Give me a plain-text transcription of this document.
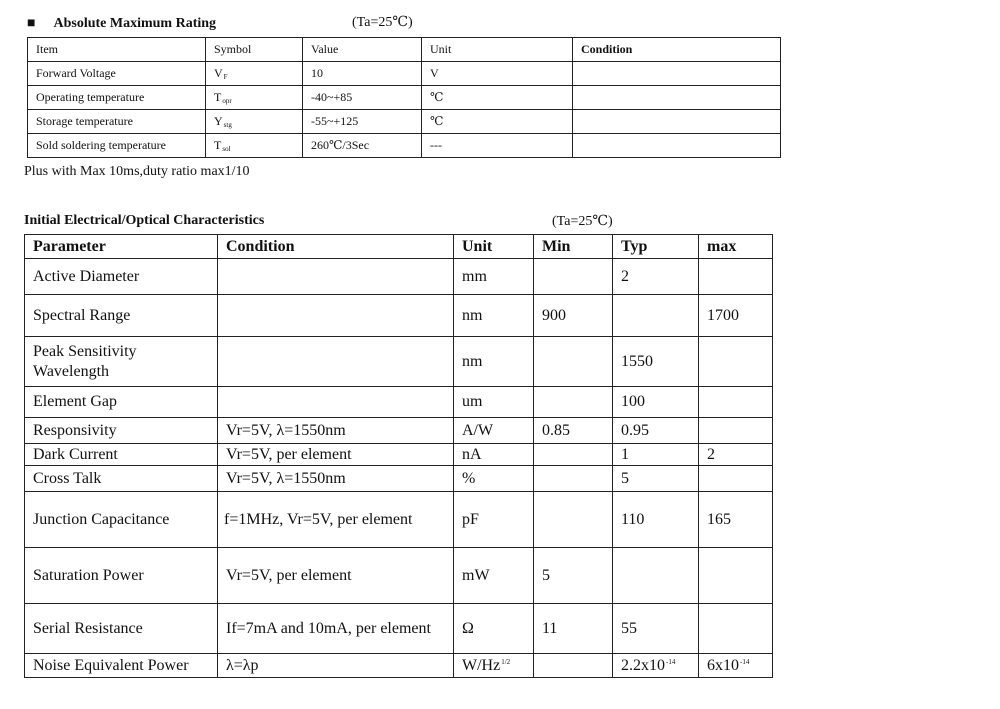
■ Absolute Maximum Rating	(Ta=25℃)
Item	Symbol	Value	Unit	Condition
Forward Voltage	$V_F$	10	V	
Operating temperature	$T_{opr}$	-40~+85	℃	
Storage temperature	$Y_{stg}$	-55~+125	℃	
Sold soldering temperature	$T_{sol}$	260℃/3Sec	---	
Plus with Max 10ms,duty ratio max1/10
Initial Electrical/Optical Characteristics	(Ta=25℃)
Parameter	Condition	Unit	Min	Typ	max
Active Diameter		mm		2	
Spectral Range		nm	900		1700
Peak Sensitivity Wavelength		nm		1550	
Element Gap		um		100	
Responsivity	Vr=5V, λ=1550nm	A/W	0.85	0.95	
Dark Current	Vr=5V, per element	nA		1	2
Cross Talk	Vr=5V, λ=1550nm	%		5	
Junction Capacitance	f=1MHz, Vr=5V, per element	pF		110	165
Saturation Power	Vr=5V, per element	mW	5		
Serial Resistance	If=7mA and 10mA, per element	Ω	11	55	
Noise Equivalent Power	λ=λp	$W/Hz^{1/2}$		$2.2x10^{-14}$	$6x10^{-14}$
